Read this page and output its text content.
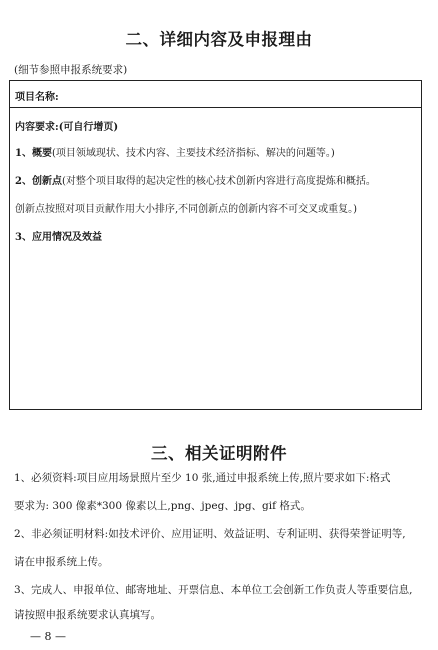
二、详细内容及申报理由
(细节参照申报系统要求)
项目名称:
内容要求:(可自行增页)
1、概要(项目领域现状、技术内容、主要技术经济指标、解决的问题等。)
2、创新点(对整个项目取得的起决定性的核心技术创新内容进行高度提炼和概括。
创新点按照对项目贡献作用大小排序,不同创新点的创新内容不可交叉或重复。)
3、应用情况及效益
三、相关证明附件
1、必须资料:项目应用场景照片至少 10 张,通过申报系统上传,照片要求如下:格式
要求为: 300 像素*300 像素以上,png、jpeg、jpg、gif 格式。
2、非必须证明材料:如技术评价、应用证明、效益证明、专利证明、获得荣誉证明等,
请在申报系统上传。
3、完成人、申报单位、邮寄地址、开票信息、本单位工会创新工作负责人等重要信息,
请按照申报系统要求认真填写。
— 8 —
